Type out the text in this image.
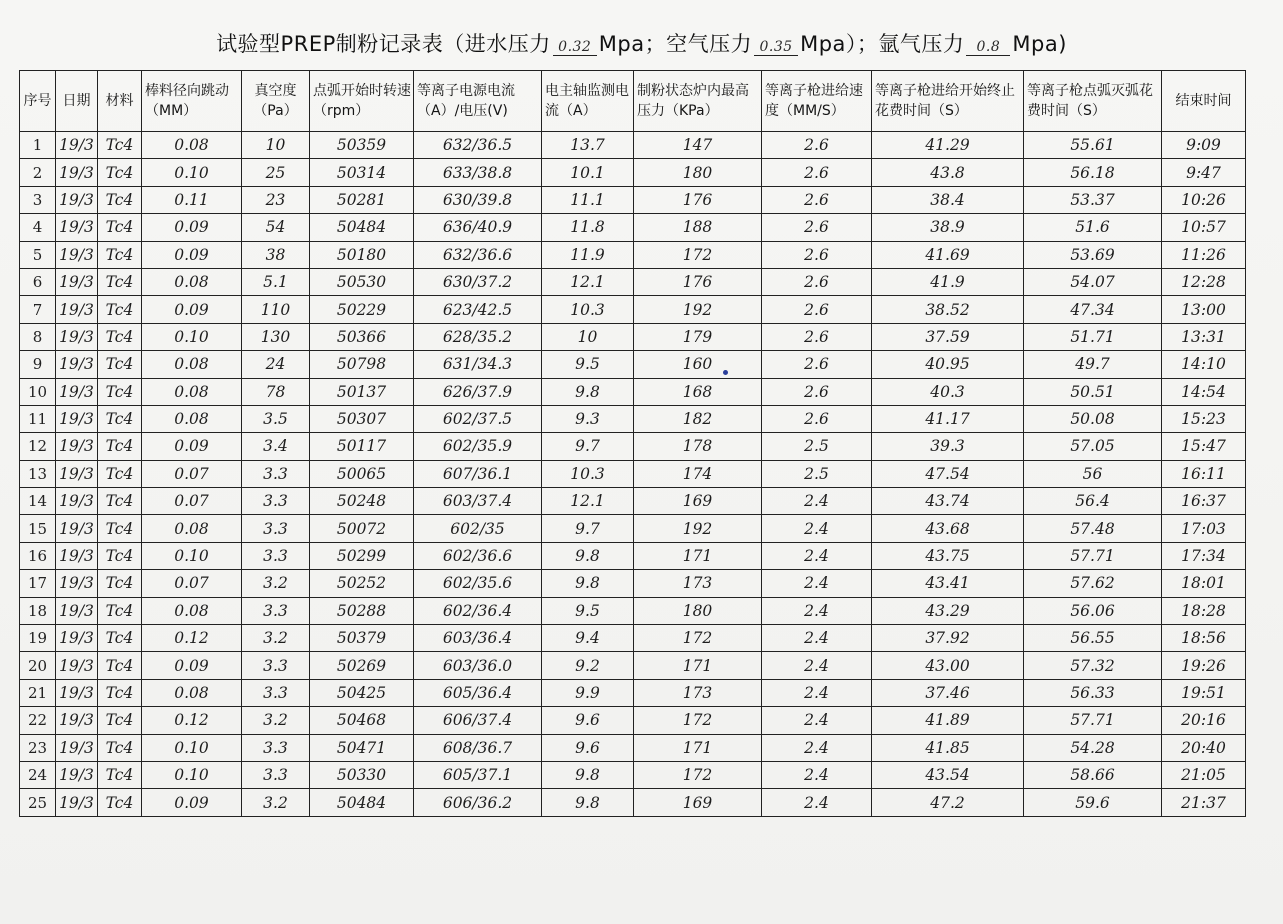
试验型PREP制粉记录表（进水压力 0.32 Mpa；空气压力 0.35 Mpa）；氩气压力 0.8 Mpa)
序号	日期	材料	棒料径向跳动（MM）	真空度（Pa）	点弧开始时转速（rpm）	等离子电源电流（A）/电压(V)	电主轴监测电流（A）	制粉状态炉内最高压力（KPa）	等离子枪进给速度（MM/S）	等离子枪进给开始终止花费时间（S）	等离子枪点弧灭弧花费时间（S）	结束时间
1	19/3	Tc4	0.08	10	50359	632/36.5	13.7	147	2.6	41.29	55.61	9:09
2	19/3	Tc4	0.10	25	50314	633/38.8	10.1	180	2.6	43.8	56.18	9:47
3	19/3	Tc4	0.11	23	50281	630/39.8	11.1	176	2.6	38.4	53.37	10:26
4	19/3	Tc4	0.09	54	50484	636/40.9	11.8	188	2.6	38.9	51.6	10:57
5	19/3	Tc4	0.09	38	50180	632/36.6	11.9	172	2.6	41.69	53.69	11:26
6	19/3	Tc4	0.08	5.1	50530	630/37.2	12.1	176	2.6	41.9	54.07	12:28
7	19/3	Tc4	0.09	110	50229	623/42.5	10.3	192	2.6	38.52	47.34	13:00
8	19/3	Tc4	0.10	130	50366	628/35.2	10	179	2.6	37.59	51.71	13:31
9	19/3	Tc4	0.08	24	50798	631/34.3	9.5	160	2.6	40.95	49.7	14:10
10	19/3	Tc4	0.08	78	50137	626/37.9	9.8	168	2.6	40.3	50.51	14:54
11	19/3	Tc4	0.08	3.5	50307	602/37.5	9.3	182	2.6	41.17	50.08	15:23
12	19/3	Tc4	0.09	3.4	50117	602/35.9	9.7	178	2.5	39.3	57.05	15:47
13	19/3	Tc4	0.07	3.3	50065	607/36.1	10.3	174	2.5	47.54	56	16:11
14	19/3	Tc4	0.07	3.3	50248	603/37.4	12.1	169	2.4	43.74	56.4	16:37
15	19/3	Tc4	0.08	3.3	50072	602/35	9.7	192	2.4	43.68	57.48	17:03
16	19/3	Tc4	0.10	3.3	50299	602/36.6	9.8	171	2.4	43.75	57.71	17:34
17	19/3	Tc4	0.07	3.2	50252	602/35.6	9.8	173	2.4	43.41	57.62	18:01
18	19/3	Tc4	0.08	3.3	50288	602/36.4	9.5	180	2.4	43.29	56.06	18:28
19	19/3	Tc4	0.12	3.2	50379	603/36.4	9.4	172	2.4	37.92	56.55	18:56
20	19/3	Tc4	0.09	3.3	50269	603/36.0	9.2	171	2.4	43.00	57.32	19:26
21	19/3	Tc4	0.08	3.3	50425	605/36.4	9.9	173	2.4	37.46	56.33	19:51
22	19/3	Tc4	0.12	3.2	50468	606/37.4	9.6	172	2.4	41.89	57.71	20:16
23	19/3	Tc4	0.10	3.3	50471	608/36.7	9.6	171	2.4	41.85	54.28	20:40
24	19/3	Tc4	0.10	3.3	50330	605/37.1	9.8	172	2.4	43.54	58.66	21:05
25	19/3	Tc4	0.09	3.2	50484	606/36.2	9.8	169	2.4	47.2	59.6	21:37
